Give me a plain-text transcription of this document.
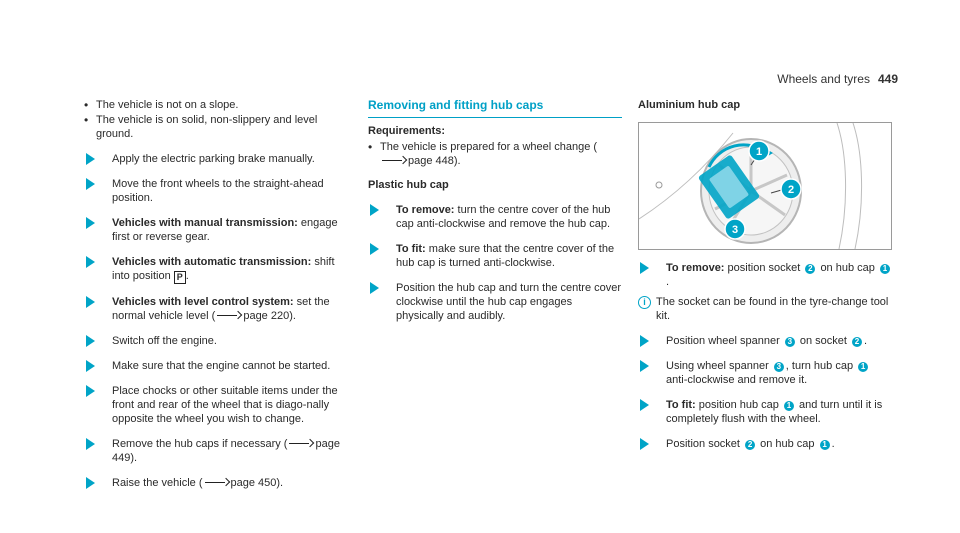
Wheels and tyres 449
• The vehicle is not on a slope.
• The vehicle is on solid, non-slippery and level ground.
Apply the electric parking brake manually.
Move the front wheels to the straight-ahead position.
Vehicles with manual transmission: engage first or reverse gear.
Vehicles with automatic transmission: shift into position P .
Vehicles with level control system: set the normal vehicle level (	page 220).
Switch off the engine.
Make sure that the engine cannot be started.
Place chocks or other suitable items under the front and rear of the wheel that is diago-nally opposite the wheel you wish to change.
Remove the hub caps if necessary (	page 449).
Raise the vehicle (	page 450).
Removing and fitting hub caps
Requirements:
• The vehicle is prepared for a wheel change (page 448).
Plastic hub cap
To remove: turn the centre cover of the hub cap anti-clockwise and remove the hub cap.
To fit: make sure that the centre cover of the hub cap is turned anti-clockwise.
Position the hub cap and turn the centre cover clockwise until the hub cap engages physically and audibly.
Aluminium hub cap
1
2
3
To remove: position socket 2 on hub cap 1.
i The socket can be found in the tyre-change tool kit.
Position wheel spanner 3 on socket 2 .
Using wheel spanner 3 , turn hub cap 1 anti-clockwise and remove it.
To fit: position hub cap 1 and turn until it is completely flush with the wheel.
Position socket 2 on hub cap 1 .
